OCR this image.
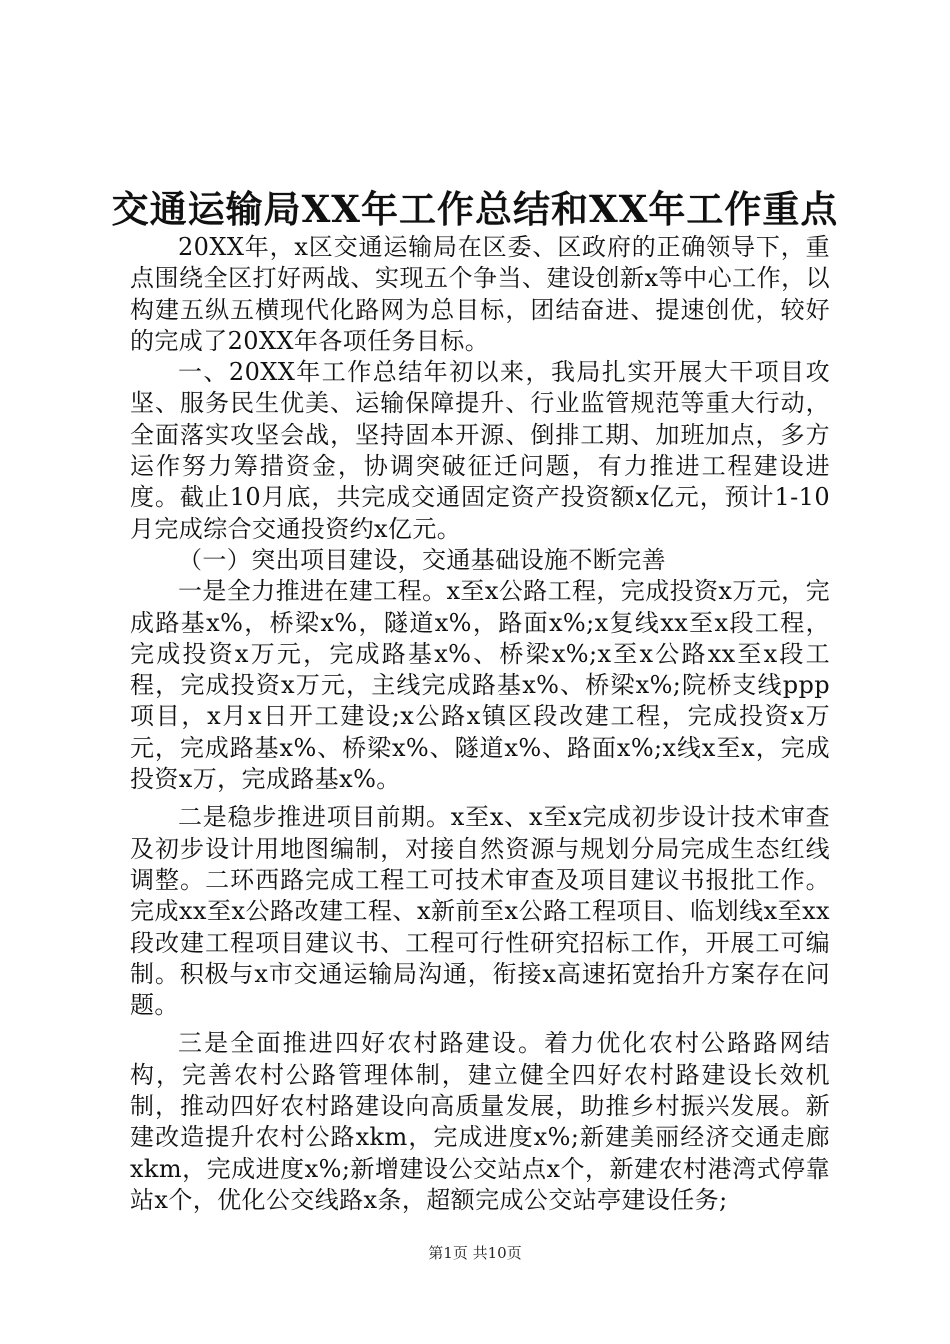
交通运输局XX年工作总结和XX年工作重点

20XX年，x区交通运输局在区委、区政府的正确领导下，重点围绕全区打好两战、实现五个争当、建设创新x等中心工作，以构建五纵五横现代化路网为总目标，团结奋进、提速创优，较好的完成了20XX年各项任务目标。

一、20XX年工作总结年初以来，我局扎实开展大干项目攻坚、服务民生优美、运输保障提升、行业监管规范等重大行动，全面落实攻坚会战，坚持固本开源、倒排工期、加班加点，多方运作努力筹措资金，协调突破征迁问题，有力推进工程建设进度。截止10月底，共完成交通固定资产投资额x亿元，预计1-10月完成综合交通投资约x亿元。

（一）突出项目建设，交通基础设施不断完善

一是全力推进在建工程。x至x公路工程，完成投资x万元，完成路基x%，桥梁x%，隧道x%，路面x%;x复线xx至x段工程，完成投资x万元，完成路基x%、桥梁x%;x至x公路xx至x段工程，完成投资x万元，主线完成路基x%、桥梁x%;院桥支线ppp项目，x月x日开工建设;x公路x镇区段改建工程，完成投资x万元，完成路基x%、桥梁x%、隧道x%、路面x%;x线x至x，完成投资x万，完成路基x%。

二是稳步推进项目前期。x至x、x至x完成初步设计技术审查及初步设计用地图编制，对接自然资源与规划分局完成生态红线调整。二环西路完成工程工可技术审查及项目建议书报批工作。完成xx至x公路改建工程、x新前至x公路工程项目、临划线x至xx段改建工程项目建议书、工程可行性研究招标工作，开展工可编制。积极与x市交通运输局沟通，衔接x高速拓宽抬升方案存在问题。

三是全面推进四好农村路建设。着力优化农村公路路网结构，完善农村公路管理体制，建立健全四好农村路建设长效机制，推动四好农村路建设向高质量发展，助推乡村振兴发展。新建改造提升农村公路xkm，完成进度x%;新建美丽经济交通走廊xkm，完成进度x%;新增建设公交站点x个，新建农村港湾式停靠站x个，优化公交线路x条，超额完成公交站亭建设任务;

第1页 共10页
